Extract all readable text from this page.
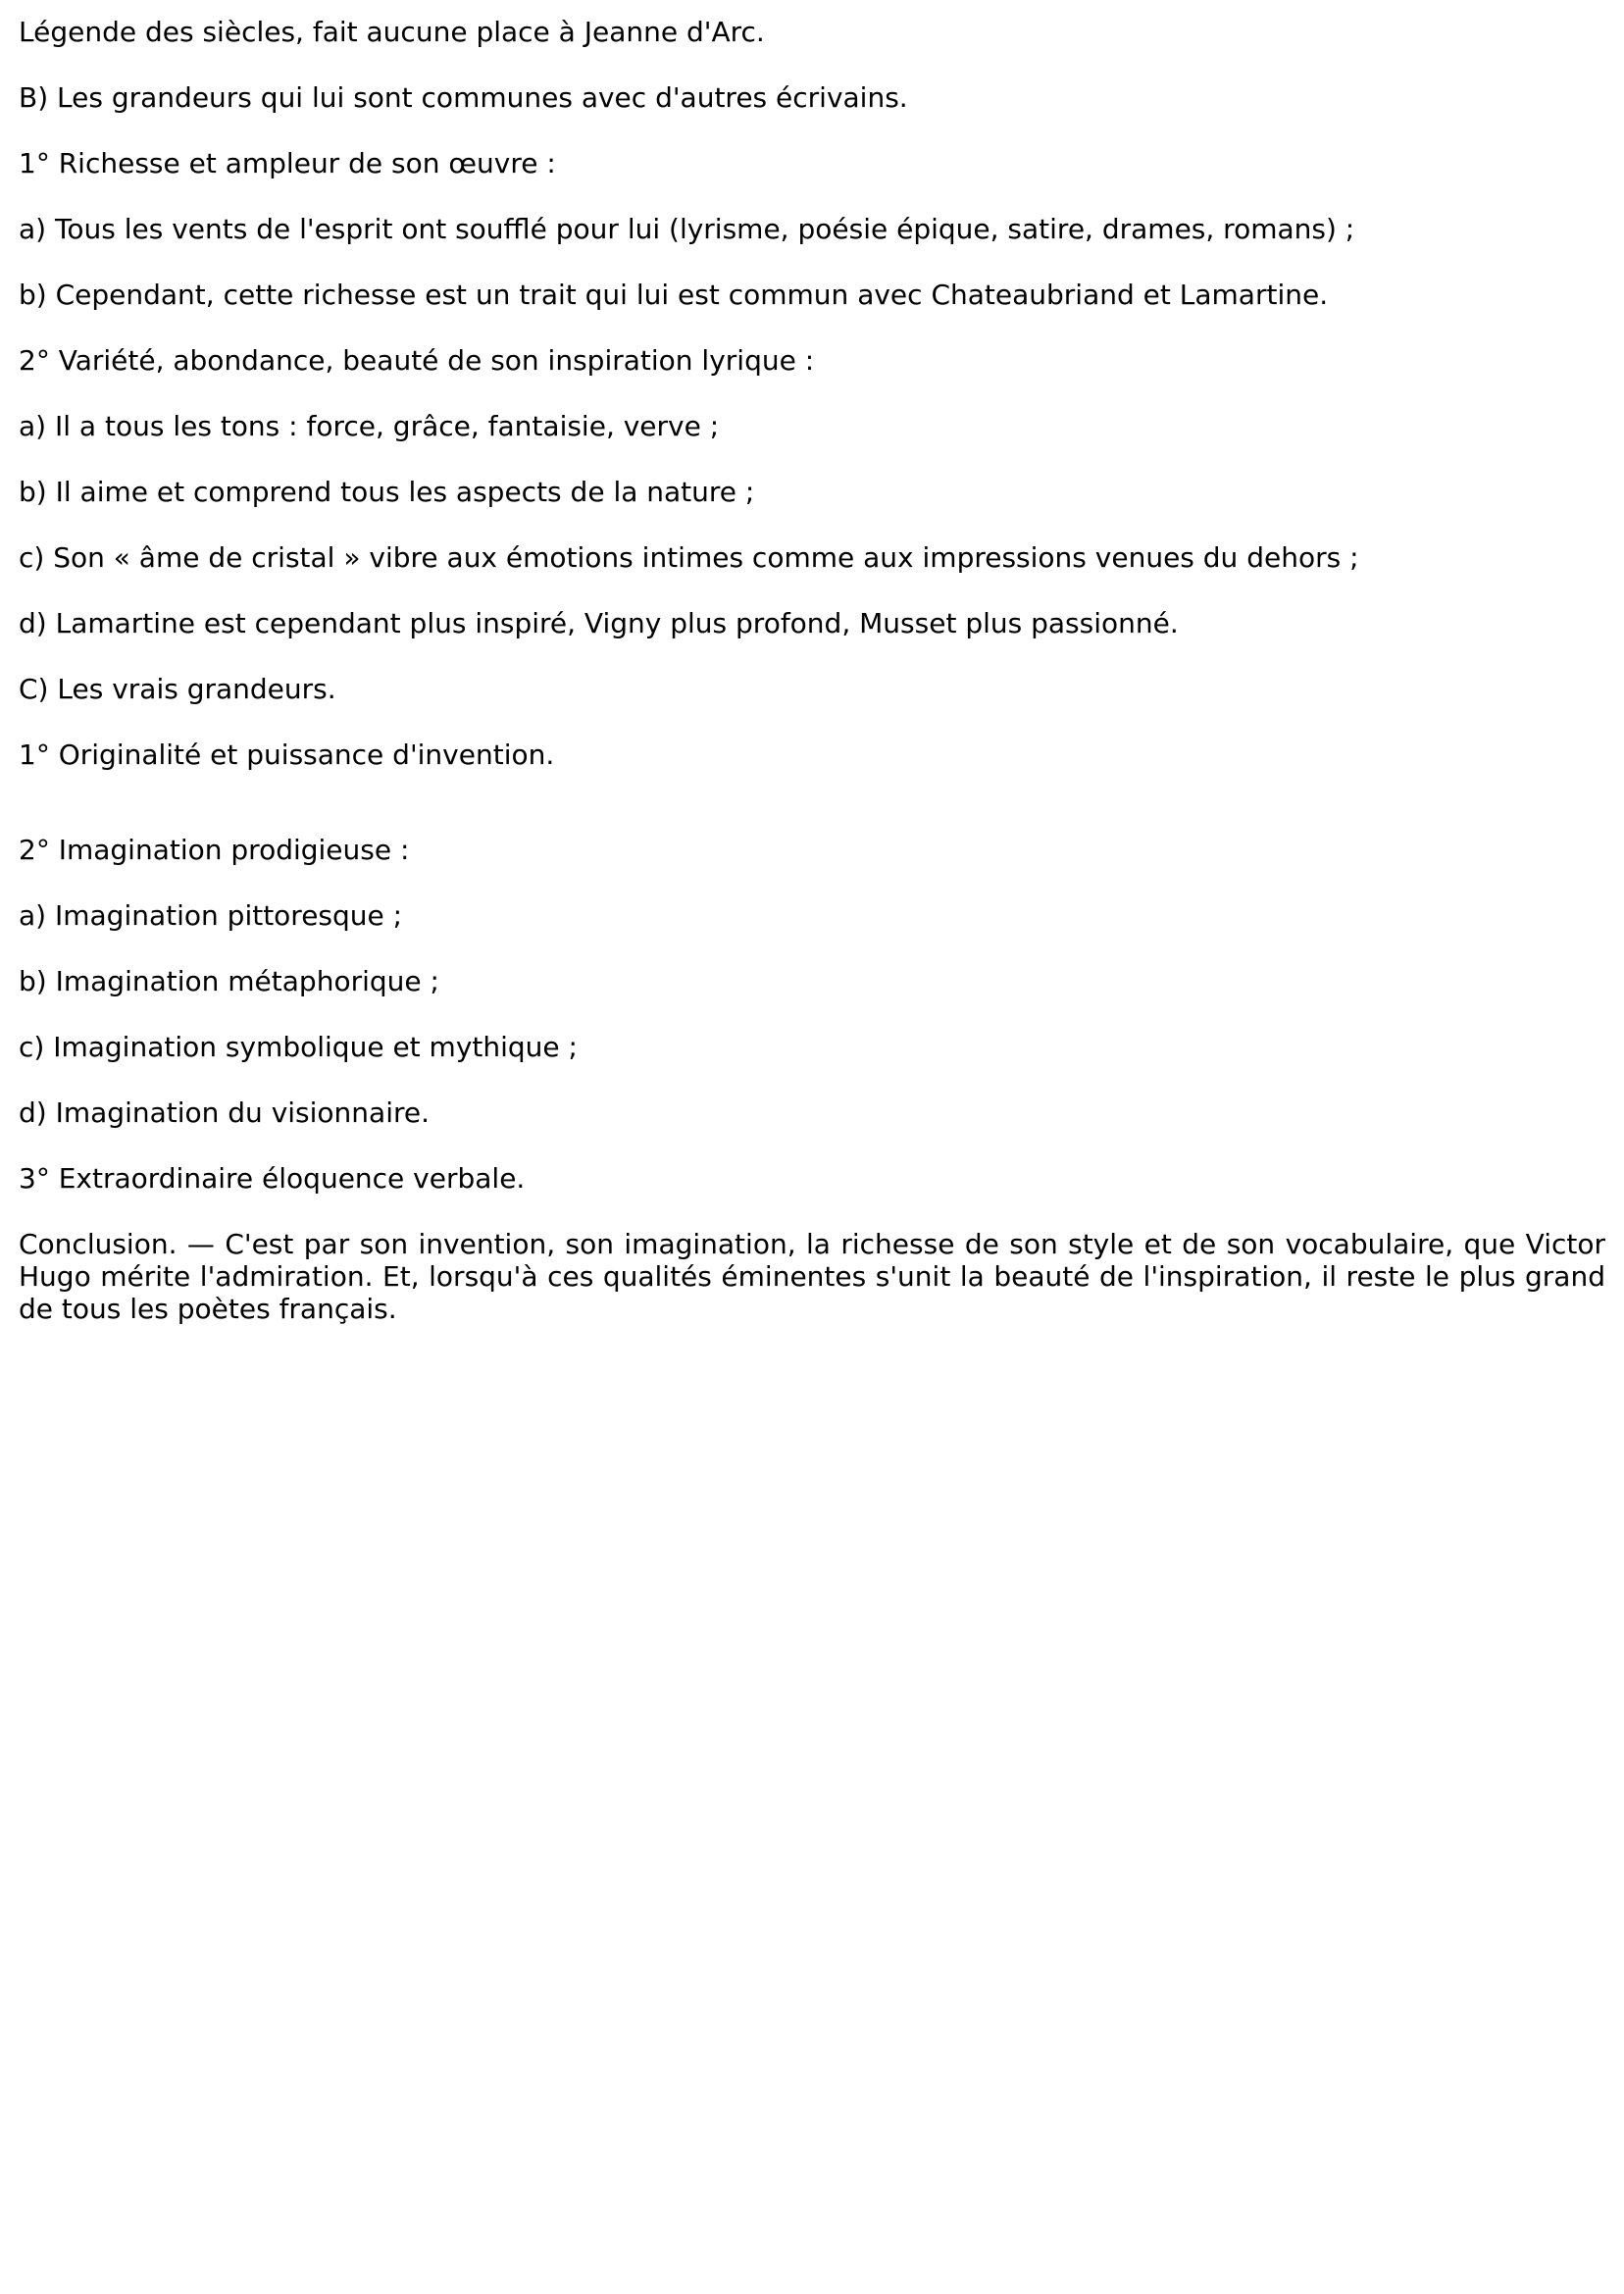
Légende des siècles, fait aucune place à Jeanne d'Arc.
B) Les grandeurs qui lui sont communes avec d'autres écrivains.
1° Richesse et ampleur de son œuvre :
a) Tous les vents de l'esprit ont soufflé pour lui (lyrisme, poésie épique, satire, drames, romans) ;
b) Cependant, cette richesse est un trait qui lui est commun avec Chateaubriand et Lamartine.
2° Variété, abondance, beauté de son inspiration lyrique :
a) Il a tous les tons : force, grâce, fantaisie, verve ;
b) Il aime et comprend tous les aspects de la nature ;
c) Son « âme de cristal » vibre aux émotions intimes comme aux impressions venues du dehors ;
d) Lamartine est cependant plus inspiré, Vigny plus profond, Musset plus passionné.
C) Les vrais grandeurs.
1° Originalité et puissance d'invention.
2° Imagination prodigieuse :
a) Imagination pittoresque ;
b) Imagination métaphorique ;
c) Imagination symbolique et mythique ;
d) Imagination du visionnaire.
3° Extraordinaire éloquence verbale.
Conclusion. — C'est par son invention, son imagination, la richesse de son style et de son vocabulaire, que Victor Hugo mérite l'admiration. Et, lorsqu'à ces qualités éminentes s'unit la beauté de l'inspiration, il reste le plus grand de tous les poètes français.
